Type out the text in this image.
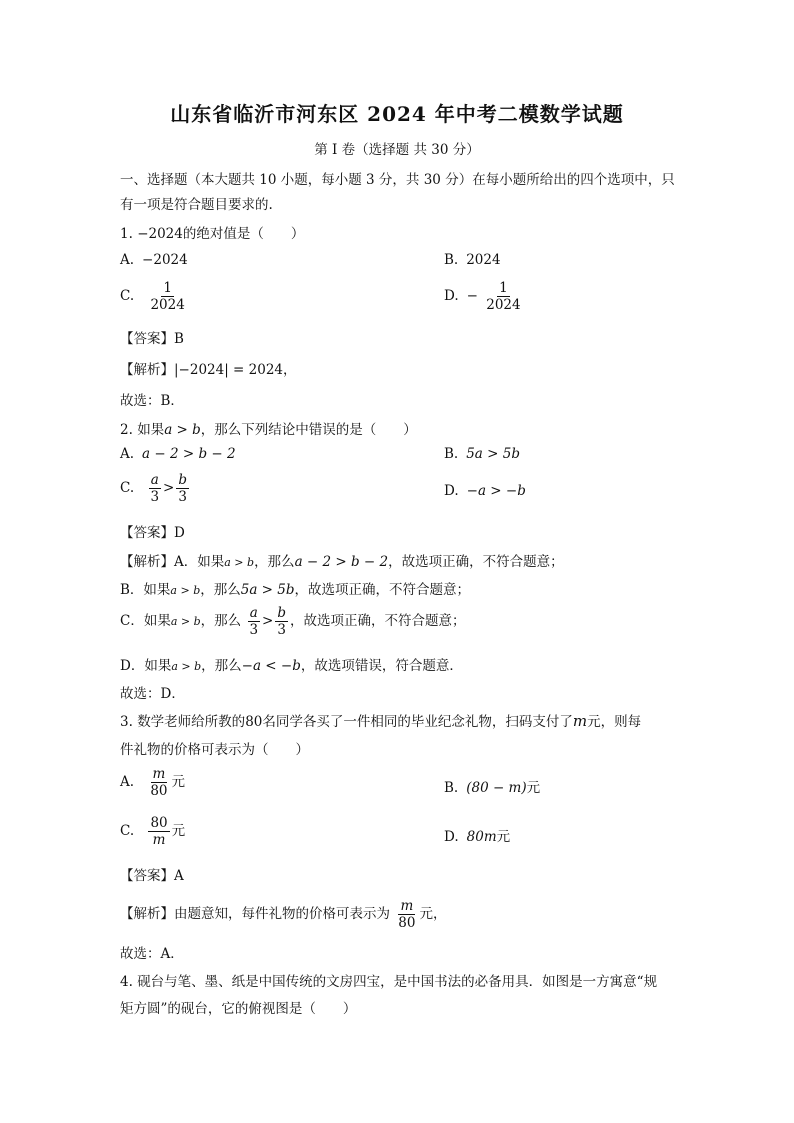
山东省临沂市河东区 2024 年中考二模数学试题
第 I 卷（选择题 共 30 分）
一、选择题（本大题共 10 小题，每小题 3 分，共 30 分）在每小题所给出的四个选项中，只
有一项是符合题目要求的.
1. −2024的绝对值是（　　）
A. −2024	B. 2024
C. $\frac{1}{2024}$	D. − $\frac{1}{2024}$
【答案】B
【解析】|−2024| = 2024，
故选：B．
2. 如果a > b，那么下列结论中错误的是（　　）
A. a − 2 > b − 2	B. 5a > 5b
C. $\frac{a}{3} > \frac{b}{3}$	D. −a > −b
【答案】D
【解析】A．如果a > b，那么a − 2 > b − 2，故选项正确，不符合题意；
B．如果a > b，那么5a > 5b，故选项正确，不符合题意；
C．如果a > b，那么 $\frac{a}{3} > \frac{b}{3}$ ，故选项正确，不符合题意；
D．如果a > b，那么−a < −b，故选项错误，符合题意．
故选：D．
3. 数学老师给所教的80名同学各买了一件相同的毕业纪念礼物，扫码支付了m元，则每
件礼物的价格可表示为（　　）
A. $\frac{m}{80}$ 元	B. (80 − m)元
C. $\frac{80}{m}$ 元	D. 80m元
【答案】A
【解析】由题意知，每件礼物的价格可表示为 $\frac{m}{80}$ 元，
故选：A．
4. 砚台与笔、墨、纸是中国传统的文房四宝，是中国书法的必备用具．如图是一方寓意“规
矩方圆”的砚台，它的俯视图是（　　）
